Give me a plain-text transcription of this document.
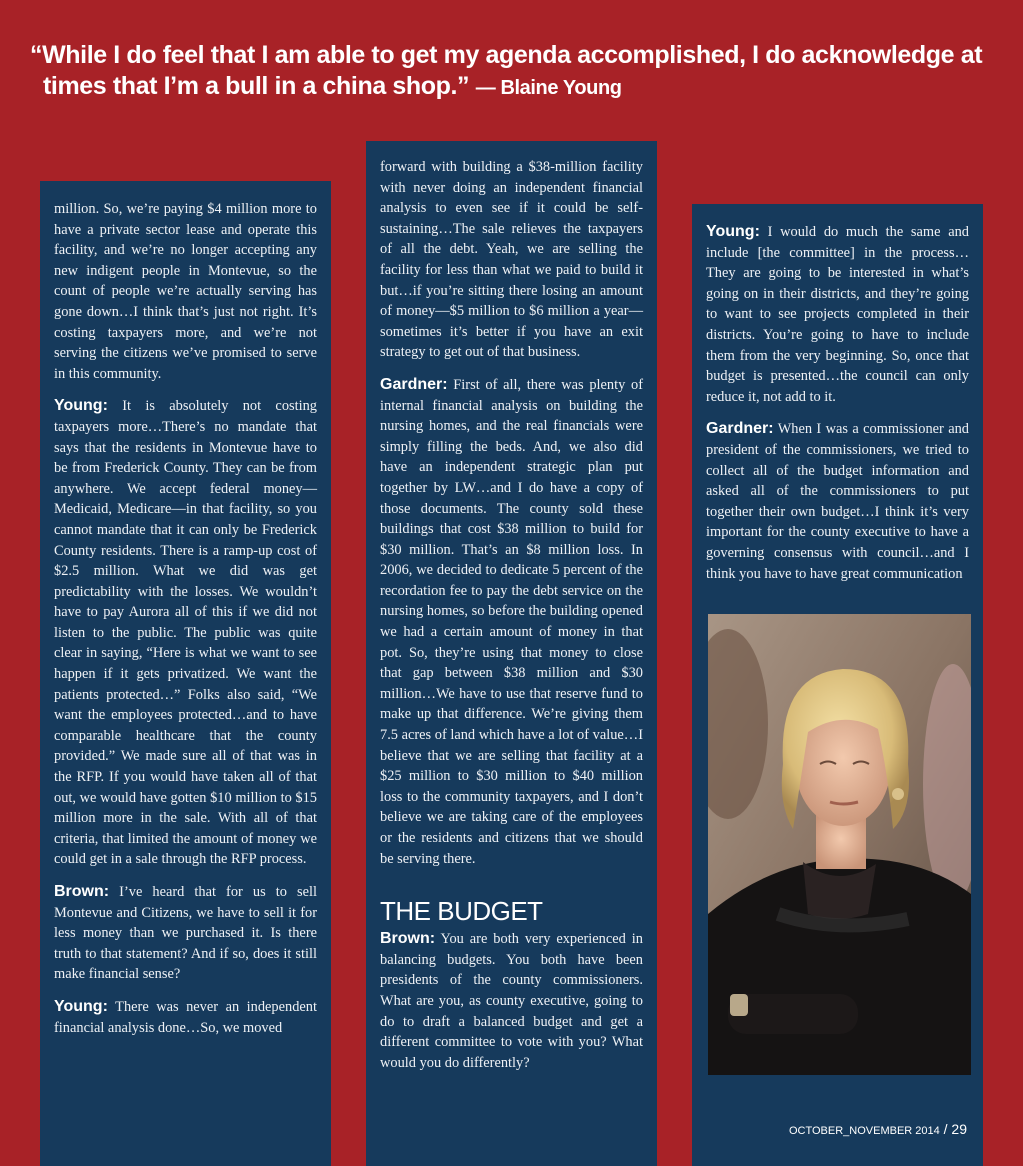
“While I do feel that I am able to get my agenda accomplished, I do acknowledge at
times that I’m a bull in a china shop.” — Blaine Young

million. So, we’re paying $4 million more to have a private sector lease and operate this facility, and we’re no longer accepting any new indigent people in Montevue, so the count of people we’re actually serving has gone down…I think that’s just not right. It’s costing taxpayers more, and we’re not serving the citizens we’ve promised to serve in this community.

Young: It is absolutely not costing taxpayers more…There’s no mandate that says that the residents in Montevue have to be from Frederick County. They can be from anywhere. We accept federal money—Medicaid, Medicare—in that facility, so you cannot mandate that it can only be Frederick County residents. There is a ramp-up cost of $2.5 million. What we did was get predictability with the losses. We wouldn’t have to pay Aurora all of this if we did not listen to the public. The public was quite clear in saying, “Here is what we want to see happen if it gets privatized. We want the patients protected…” Folks also said, “We want the employees protected…and to have comparable healthcare that the county provided.” We made sure all of that was in the RFP. If you would have taken all of that out, we would have gotten $10 million to $15 million more in the sale. With all of that criteria, that limited the amount of money we could get in a sale through the RFP process.

Brown: I’ve heard that for us to sell Montevue and Citizens, we have to sell it for less money than we purchased it. Is there truth to that statement? And if so, does it still make financial sense?

Young: There was never an independent financial analysis done…So, we moved

forward with building a $38-million facility with never doing an independent financial analysis to even see if it could be self-sustaining…The sale relieves the taxpayers of all the debt. Yeah, we are selling the facility for less than what we paid to build it but…if you’re sitting there losing an amount of money—$5 million to $6 million a year—sometimes it’s better if you have an exit strategy to get out of that business.

Gardner: First of all, there was plenty of internal financial analysis on building the nursing homes, and the real financials were simply filling the beds. And, we also did have an independent strategic plan put together by LW…and I do have a copy of those documents. The county sold these buildings that cost $38 million to build for $30 million. That’s an $8 million loss. In 2006, we decided to dedicate 5 percent of the recordation fee to pay the debt service on the nursing homes, so before the building opened we had a certain amount of money in that pot. So, they’re using that money to close that gap between $38 million and $30 million…We have to use that reserve fund to make up that difference. We’re giving them 7.5 acres of land which have a lot of value…I believe that we are selling that facility at a $25 million to $30 million to $40 million loss to the community taxpayers, and I don’t believe we are taking care of the employees or the residents and citizens that we should be serving there.

THE BUDGET

Brown: You are both very experienced in balancing budgets. You both have been presidents of the county commissioners. What are you, as county executive, going to do to draft a balanced budget and get a different committee to vote with you? What would you do differently?

Young: I would do much the same and include [the committee] in the process…They are going to be interested in what’s going on in their districts, and they’re going to want to see projects completed in their districts. You’re going to have to include them from the very beginning. So, once that budget is presented…the council can only reduce it, not add to it.

Gardner: When I was a commissioner and president of the commissioners, we tried to collect all of the budget information and asked all of the commissioners to put together their own budget…I think it’s very important for the county executive to have a governing consensus with council…and I think you have to have great communication

OCTOBER_NOVEMBER 2014 / 29
